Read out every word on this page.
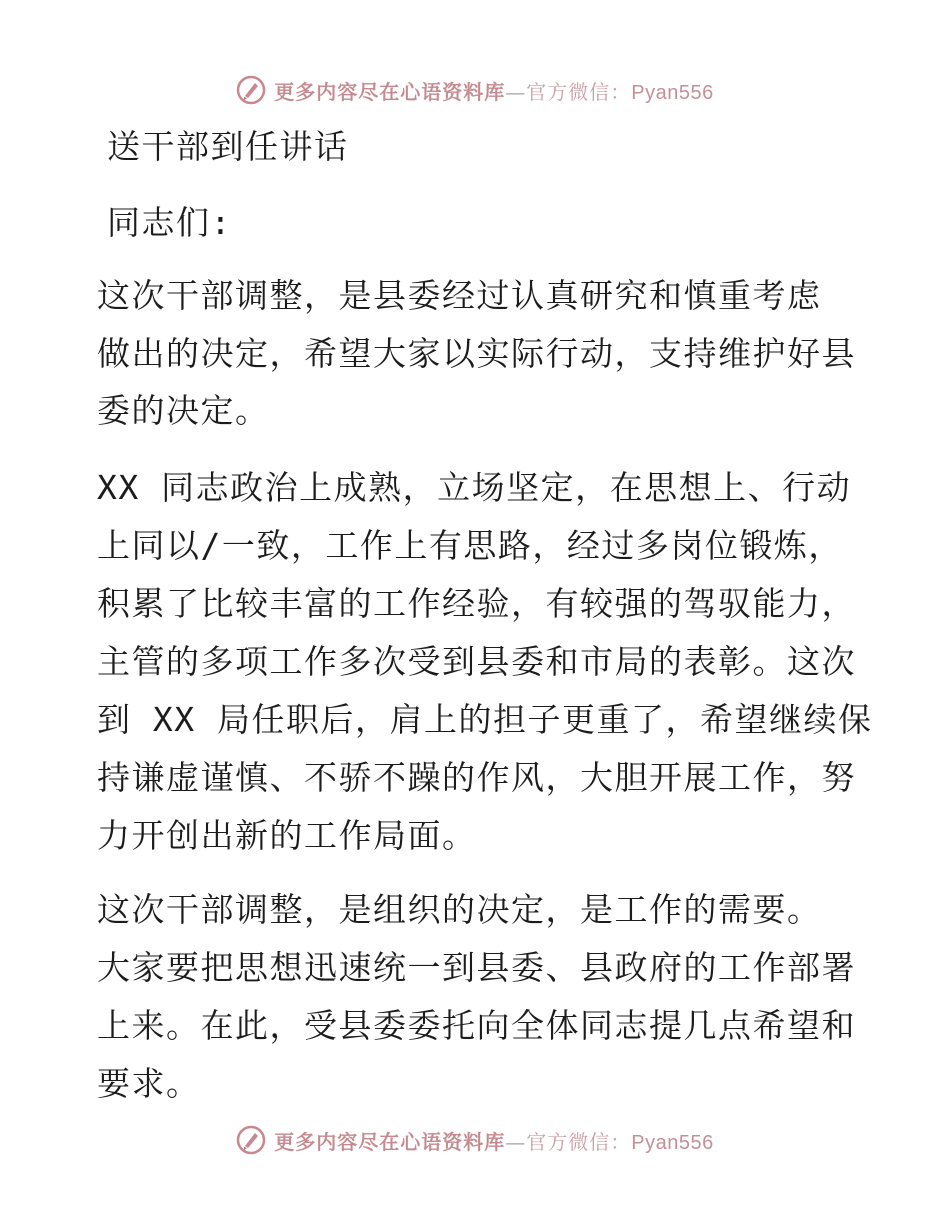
更多内容尽在心语资料库—官方微信：Pyan556
送干部到任讲话
同志们:
这次干部调整，是县委经过认真研究和慎重考虑
做出的决定，希望大家以实际行动，支持维护好县
委的决定。
XX 同志政治上成熟，立场坚定，在思想上、行动
上同以/一致，工作上有思路，经过多岗位锻炼，
积累了比较丰富的工作经验，有较强的驾驭能力，
主管的多项工作多次受到县委和市局的表彰。这次
到 XX 局任职后，肩上的担子更重了，希望继续保
持谦虚谨慎、不骄不躁的作风，大胆开展工作，努
力开创出新的工作局面。
这次干部调整，是组织的决定，是工作的需要。
大家要把思想迅速统一到县委、县政府的工作部署
上来。在此，受县委委托向全体同志提几点希望和
要求。
更多内容尽在心语资料库—官方微信：Pyan556
